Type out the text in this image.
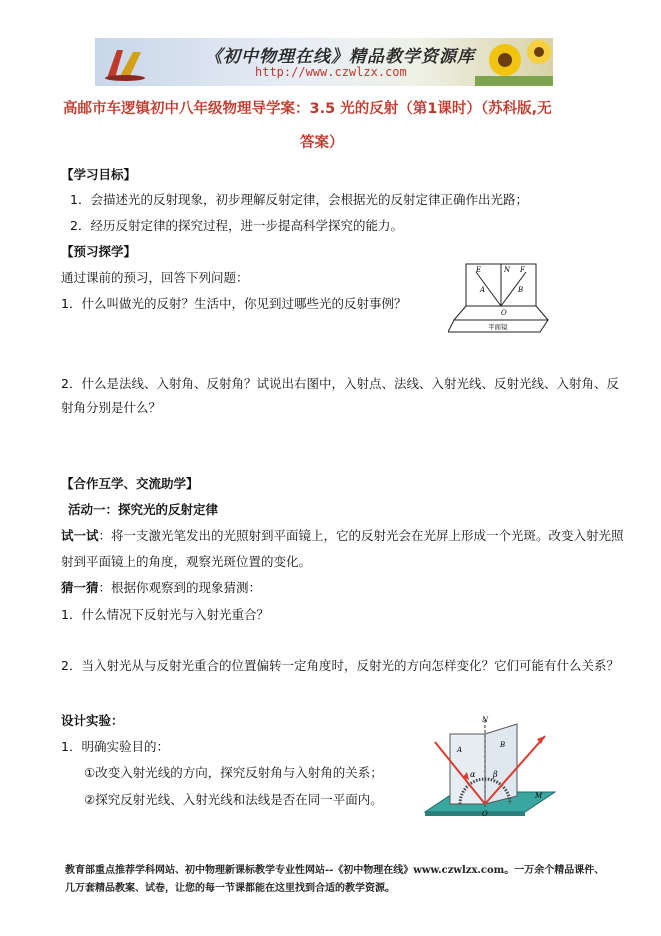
《初中物理在线》精品教学资源库
http://www.czwlzx.com
高邮市车逻镇初中八年级物理导学案：3.5 光的反射（第1课时）（苏科版,无
答案）
【学习目标】
1．会描述光的反射现象，初步理解反射定律，会根据光的反射定律正确作出光路；
2．经历反射定律的探究过程，进一步提高科学探究的能力。
【预习探学】
通过课前的预习，回答下列问题：
1．什么叫做光的反射？生活中，你见到过哪些光的反射事例？
E	N F
A	B
O
平面镜
2．什么是法线、入射角、反射角？试说出右图中，入射点、法线、入射光线、反射光线、入射角、反
射角分别是什么？
【合作互学、交流助学】
活动一：探究光的反射定律
试一试：将一支激光笔发出的光照射到平面镜上，它的反射光会在光屏上形成一个光斑。改变入射光照
射到平面镜上的角度，观察光斑位置的变化。
猜一猜：根据你观察到的现象猜测：
1．什么情况下反射光与入射光重合？
2．当入射光从与反射光重合的位置偏转一定角度时，反射光的方向怎样变化？它们可能有什么关系？
设计实验：
1．明确实验目的：
①改变入射光线的方向，探究反射角与入射角的关系；
②探究反射光线、入射光线和法线是否在同一平面内。
N
A
B
α β
O
M
教育部重点推荐学科网站、初中物理新课标教学专业性网站--《初中物理在线》www.czwlzx.com。一万余个精品课件、
几万套精品教案、试卷，让您的每一节课都能在这里找到合适的教学资源。
